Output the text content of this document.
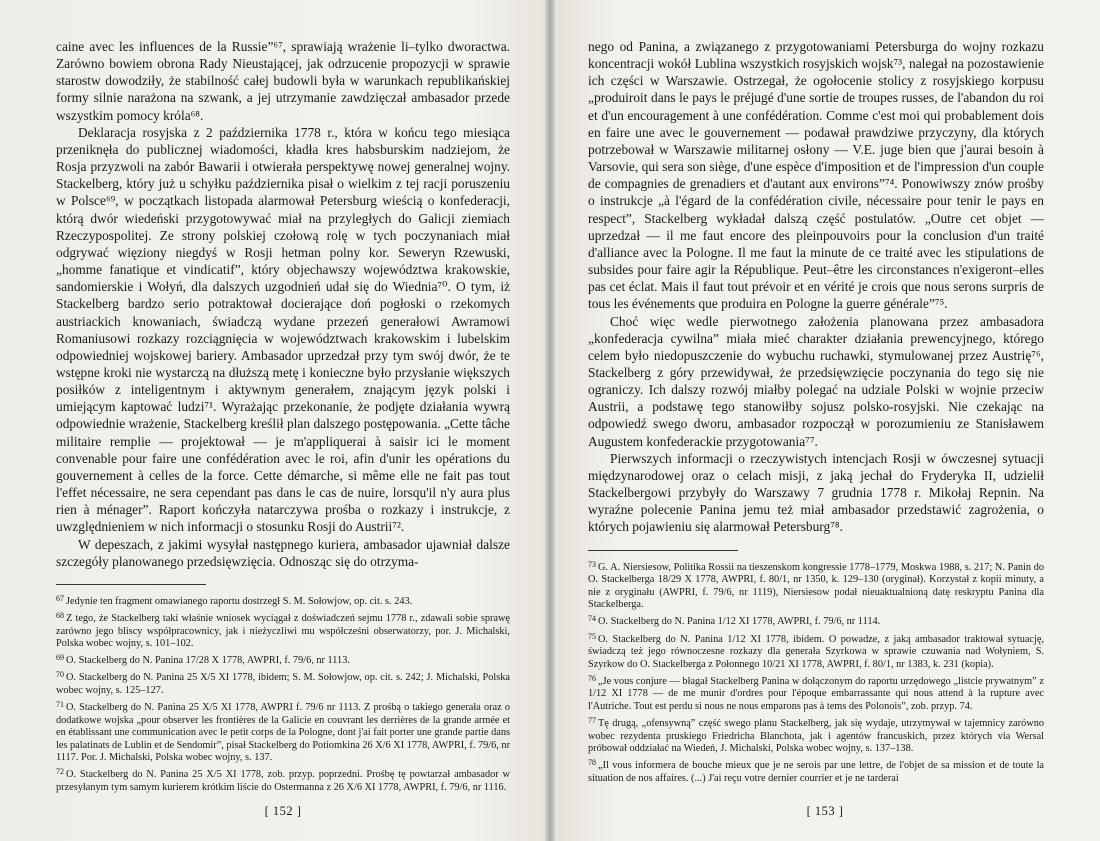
caine avec les influences de la Russie”⁶⁷, sprawiają wrażenie li–tylko dworactwa. Zarówno bowiem obrona Rady Nieustającej, jak odrzucenie propozycji w sprawie starostw dowodziły, że stabilność całej budowli była w warunkach republikańskiej formy silnie narażona na szwank, a jej utrzymanie zawdzięczał ambasador przede wszystkim pomocy króla⁶⁸.

Deklaracja rosyjska z 2 października 1778 r., która w końcu tego miesiąca przeniknęła do publicznej wiadomości, kładła kres habsburskim nadziejom, że Rosja przyzwoli na zabór Bawarii i otwierała perspektywę nowej generalnej wojny. Stackelberg, który już u schyłku października pisał o wielkim z tej racji poruszeniu w Polsce⁶⁹, w początkach listopada alarmował Petersburg wieścią o konfederacji, którą dwór wiedeński przygotowywać miał na przyległych do Galicji ziemiach Rzeczypospolitej. Ze strony polskiej czołową rolę w tych poczynaniach miał odgrywać więziony niegdyś w Rosji hetman polny kor. Seweryn Rzewuski, „homme fanatique et vindicatif”, który objechawszy województwa krakowskie, sandomierskie i Wołyń, dla dalszych uzgodnień udał się do Wiednia⁷⁰. O tym, iż Stackelberg bardzo serio potraktował docierające doń pogłoski o rzekomych austriackich knowaniach, świadczą wydane przezeń generałowi Awramowi Romaniusowi rozkazy rozciągnięcia w województwach krakowskim i lubelskim odpowiedniej wojskowej bariery. Ambasador uprzedzał przy tym swój dwór, że te wstępne kroki nie wystarczą na dłuższą metę i konieczne było przysłanie większych posiłków z inteligentnym i aktywnym generałem, znającym język polski i umiejącym kaptować ludzi⁷¹. Wyrażając przekonanie, że podjęte działania wywrą odpowiednie wrażenie, Stackelberg kreślił plan dalszego postępowania. „Cette tâche militaire remplie — projektował — je m'appliquerai à saisir ici le moment convenable pour faire une confédération avec le roi, afin d'unir les opérations du gouvernement à celles de la force. Cette démarche, si même elle ne fait pas tout l'effet nécessaire, ne sera cependant pas dans le cas de nuire, lorsqu'il n'y aura plus rien à ménager”. Raport kończyła natarczywa prośba o rozkazy i instrukcje, z uwzględnieniem w nich informacji o stosunku Rosji do Austrii⁷².

W depeszach, z jakimi wysyłał następnego kuriera, ambasador ujawniał dalsze szczegóły planowanego przedsięwzięcia. Odnosząc się do otrzyma-

$^{67}$ Jedynie ten fragment omawianego raportu dostrzegł S. M. Sołowjow, op. cit. s. 243.

$^{68}$ Z tego, że Stackelberg taki właśnie wniosek wyciągał z doświadczeń sejmu 1778 r., zdawali sobie sprawę zarówno jego bliscy współpracownicy, jak i nieżyczliwi mu współcześni obserwatorzy, por. J. Michalski, Polska wobec wojny, s. 101–102.

$^{69}$ O. Stackelberg do N. Panina 17/28 X 1778, AWPRI, f. 79/6, nr 1113.

$^{70}$ O. Stackelberg do N. Panina 25 X/5 XI 1778, ibidem; S. M. Sołowjow, op. cit. s. 242; J. Michalski, Polska wobec wojny, s. 125–127.

$^{71}$ O. Stackelberg do N. Panina 25 X/5 XI 1778, AWPRI f. 79/6 nr 1113. Z prośbą o takiego generała oraz o dodatkowe wojska „pour observer les frontières de la Galicie en couvrant les derrières de la grande armée et en établissant une communication avec le petit corps de la Pologne, dont j'ai fait porter une grande partie dans les palatinats de Lublin et de Sendomir”, pisał Stackelberg do Potiomkina 26 X/6 XI 1778, AWPRI, f. 79/6, nr 1117. Por. J. Michalski, Polska wobec wojny, s. 137.

$^{72}$ O. Stackelberg do N. Panina 25 X/5 XI 1778, zob. przyp. poprzedni. Prośbę tę powtarzał ambasador w przesyłanym tym samym kurierem krótkim liście do Ostermanna z 26 X/6 XI 1778, AWPRI, f. 79/6, nr 1116.

[ 152 ]

nego od Panina, a związanego z przygotowaniami Petersburga do wojny rozkazu koncentracji wokół Lublina wszystkich rosyjskich wojsk⁷³, nalegał na pozostawienie ich części w Warszawie. Ostrzegał, że ogołocenie stolicy z rosyjskiego korpusu „produiroit dans le pays le préjugé d'une sortie de troupes russes, de l'abandon du roi et d'un encouragement à une confédération. Comme c'est moi qui probablement dois en faire une avec le gouvernement — podawał prawdziwe przyczyny, dla których potrzebował w Warszawie militarnej osłony — V.E. juge bien que j'aurai besoin à Varsovie, qui sera son siège, d'une espèce d'imposition et de l'impression d'un couple de compagnies de grenadiers et d'autant aux environs”⁷⁴. Ponowiwszy znów prośby o instrukcje „à l'égard de la confédération civile, nécessaire pour tenir le pays en respect”, Stackelberg wykładał dalszą część postulatów. „Outre cet objet — uprzedzał — il me faut encore des pleinpouvoirs pour la conclusion d'un traité d'alliance avec la Pologne. Il me faut la minute de ce traité avec les stipulations de subsides pour faire agir la République. Peut–être les circonstances n'exigeront–elles pas cet éclat. Mais il faut tout prévoir et en vérité je crois que nous serons surpris de tous les événements que produira en Pologne la guerre générale”⁷⁵.

Choć więc wedle pierwotnego założenia planowana przez ambasadora „konfederacja cywilna” miała mieć charakter działania prewencyjnego, którego celem było niedopuszczenie do wybuchu ruchawki, stymulowanej przez Austrię⁷⁶, Stackelberg z góry przewidywał, że przedsięwzięcie poczynania do tego się nie ograniczy. Ich dalszy rozwój miałby polegać na udziale Polski w wojnie przeciw Austrii, a podstawę tego stanowiłby sojusz polsko-rosyjski. Nie czekając na odpowiedź swego dworu, ambasador rozpoczął w porozumieniu ze Stanisławem Augustem konfederackie przygotowania⁷⁷.

Pierwszych informacji o rzeczywistych intencjach Rosji w ówczesnej sytuacji międzynarodowej oraz o celach misji, z jaką jechał do Fryderyka II, udzielił Stackelbergowi przybyły do Warszawy 7 grudnia 1778 r. Mikołaj Repnin. Na wyraźne polecenie Panina jemu też miał ambasador przedstawić zagrożenia, o których pojawieniu się alarmował Petersburg⁷⁸.

$^{73}$ G. A. Niersiesow, Politika Rossii na tieszenskom kongressie 1778–1779, Moskwa 1988, s. 217; N. Panin do O. Stackelberga 18/29 X 1778, AWPRI, f. 80/1, nr 1350, k. 129–130 (oryginał). Korzystał z kopii minuty, a nie z oryginału (AWPRI, f. 79/6, nr 1119), Niersiesow podał nieuaktualnioną datę reskryptu Panina dla Stackelberga.

$^{74}$ O. Stackelberg do N. Panina 1/12 XI 1778, AWPRI, f. 79/6, nr 1114.

$^{75}$ O. Stackelberg do N. Panina 1/12 XI 1778, ibidem. O powadze, z jaką ambasador traktował sytuację, świadczą też jego równoczesne rozkazy dla generała Szyrkowa w sprawie czuwania nad Wołyniem, S. Szyrkow do O. Stackelberga z Połonnego 10/21 XI 1778, AWPRI, f. 80/1, nr 1383, k. 231 (kopia).

$^{76}$ „Je vous conjure — błagał Stackelberg Panina w dołączonym do raportu urzędowego „listcie prywatnym” z 1/12 XI 1778 — de me munir d'ordres pour l'époque embarrassante qui nous attend à la rupture avec l'Autriche. Tout est perdu si nous ne nous emparons pas à tems des Polonois”, zob. przyp. 74.

$^{77}$ Tę drugą, „ofensywną” część swego planu Stackelberg, jak się wydaje, utrzymywał w tajemnicy zarówno wobec rezydenta pruskiego Friedricha Blanchota, jak i agentów francuskich, przez których via Wersal próbował oddziałać na Wiedeń, J. Michalski, Polska wobec wojny, s. 137–138.

$^{78}$ „Il vous informera de bouche mieux que je ne serois par une lettre, de l'objet de sa mission et de toute la situation de nos affaires. (...) J'ai reçu votre dernier courrier et je ne tarderai

[ 153 ]
